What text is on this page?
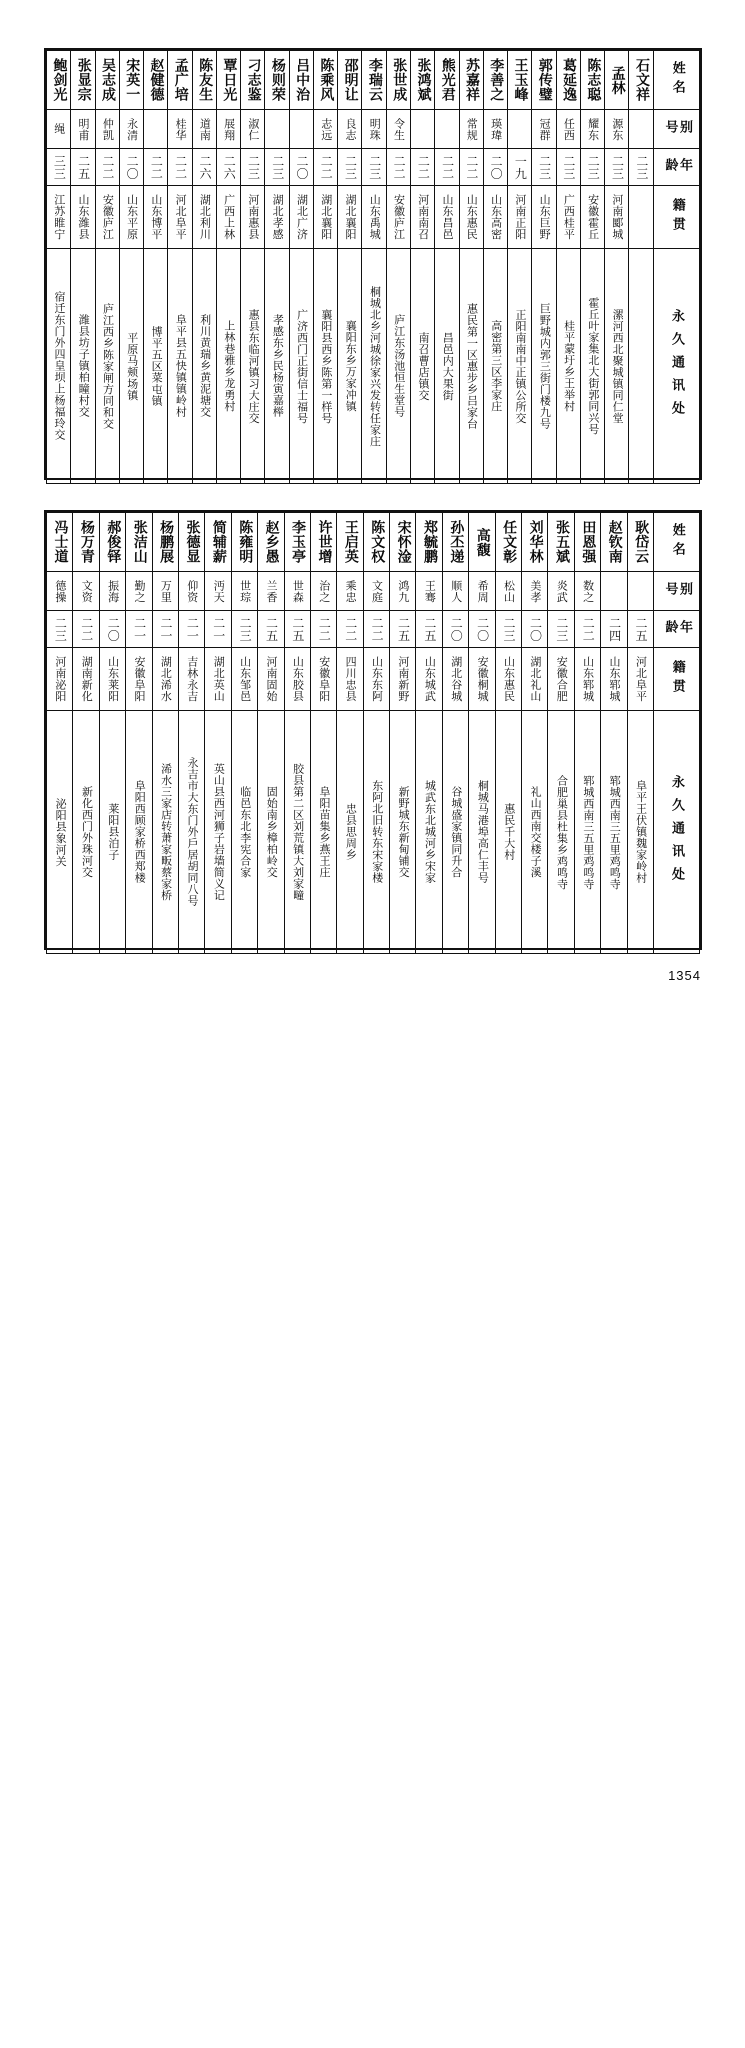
鲍剑光	张显宗	吴志成	宋英一	赵健德	孟广培	陈友生	覃日光	刁志鉴	杨则荣	吕中治	陈乘风	邵明让	李瑞云	张世成	张鸿斌	熊光君	苏嘉祥	李善之	王玉峰	郭传璧	葛延逸	陈志聪	孟林	石文祥	姓名

绳	明甫	仲凯	永清		桂华	道南	展翔	淑仁			志远	良志	明珠	令生			常规	瑛瑋		冠群	任西	耀东	源东		别号

三三	二五	二二	二〇	二二	二二	二六	二六	二三	二三	二〇	二二	二三	二三	二二	二二	二二	二二	二〇	一九	二三	二三	二三	二三	二三	年龄

江苏睢宁	山东潍县	安徽庐江	山东平原	山东博平	河北阜平	湖北利川	广西上林	河南惠县	湖北孝感	湖北广济	湖北襄阳	湖北襄阳	山东禹城	安徽庐江	河南南召	山东昌邑	山东惠民	山东高密	河南正阳	山东巨野	广西桂平	安徽霍丘	河南郾城		籍贯

宿迁东门外四皇坝上杨福玲交	潍县坊子镇柏瞳村交	庐江西乡陈家闸方同和交	平原马颊场镇	博平五区菜屯镇	阜平县五快镇镇岭村	利川黄瑞乡黄泥塘交	上林巷雅乡龙勇村	惠县东临河镇习大庄交	孝感东乡民杨寅嘉榉	广济西门正街信士福号	襄阳县西乡陈第一样号	襄阳东乡万家冲镇	桐城北乡河城徐家兴发转任家庄	庐江东汤池恒生堂号	南召曹店镇交	昌邑内大果街	惠民第一区惠步乡吕家台	高密第三区李家庄	正阳南南中正镇公所交	巨野城内郭三街门楼九号	桂平蒙圩乡王举村	霍丘叶家集北大街郭同兴号	漯河西北聚城镇同仁堂		永久通讯处
冯士道	杨万青	郝俊铎	张洁山	杨鹏展	张德显	简辅薪	陈雍明	赵乡愚	李玉亭	许世增	王启英	陈文权	宋怀淦	郑毓鹏	孙丕递	高馥	任文彰	刘华林	张五斌	田恩强	赵钦南	耿岱云	姓名

德操	文资	振海	勤之	万里	仰资	沔天	世琮	兰香	世森	治之	乘忠	文庭	鸿九	王骞	顺人	希周	松山	美孝	炎武	数之			别号

二三	二二	二〇	二一	二一	二一	二一	二三	二五	二五	二二	二二	二二	二五	二五	二〇	二〇	二三	二〇	二三	二二	二四	二五	年龄

河南泌阳	湖南新化	山东莱阳	安徽阜阳	湖北浠水	吉林永吉	湖北英山	山东邹邑	河南固始	山东胶县	安徽阜阳	四川忠县	山东东阿	河南新野	山东城武	湖北谷城	安徽桐城	山东惠民	湖北礼山	安徽合肥	山东郓城	山东郓城	河北阜平	籍贯

泌阳县象河关	新化西门外珠河交	莱阳县泊子	阜阳西顾家桥西郑楼	浠水三家店转萧家畈蔡家桥	永吉市大东门外戶居胡同八号	英山县西河狮子岩墙简义记	临邑东北李宪合家	固始南乡樟柏岭交	胶县第二区刘荒镇大刘家疃	阜阳苗集乡燕王庄	忠县思周乡	东阿北旧转东宋家楼	新野城东新甸铺交	城武东北城河乡宋家	谷城盛家镇同升合	桐城马港埠高仁丰号	惠民千大村	礼山西南交楼子溪	合肥巢县杜集乡鸡鸣寺	郓城西南三五里鸡鸣寺	郓城西南三五里鸡鸣寺	阜平王伏镇魏家岭村	永久通讯处
1354
